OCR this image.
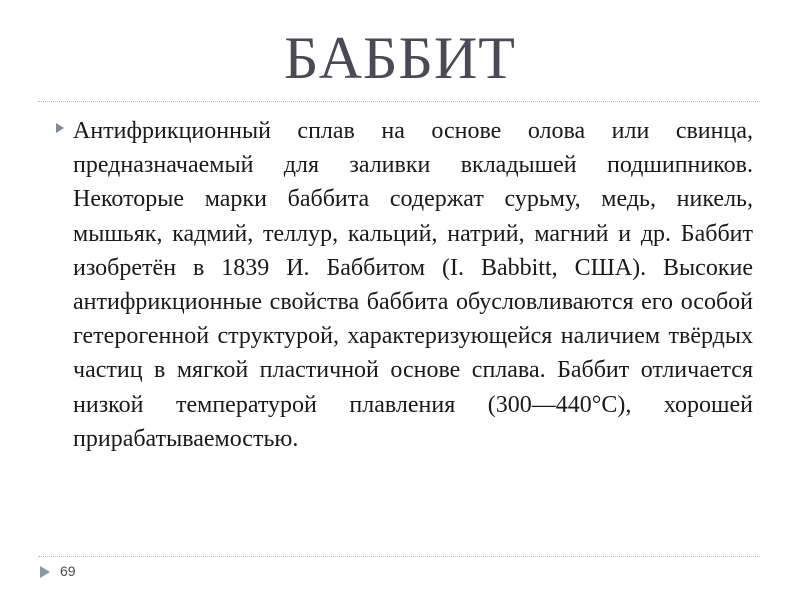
БАББИТ

Антифрикционный сплав на основе олова или свинца, предназначаемый для заливки вкладышей подшипников. Некоторые марки баббита содержат сурьму, медь, никель, мышьяк, кадмий, теллур, кальций, натрий, магний и др. Баббит изобретён в 1839 И. Баббитом (I. Babbitt, США). Высокие антифрикционные свойства баббита обусловливаются его особой гетерогенной структурой, характеризующейся наличием твёрдых частиц в мягкой пластичной основе сплава. Баббит отличается низкой температурой плавления (300—440°С), хорошей прирабатываемостью.

69
